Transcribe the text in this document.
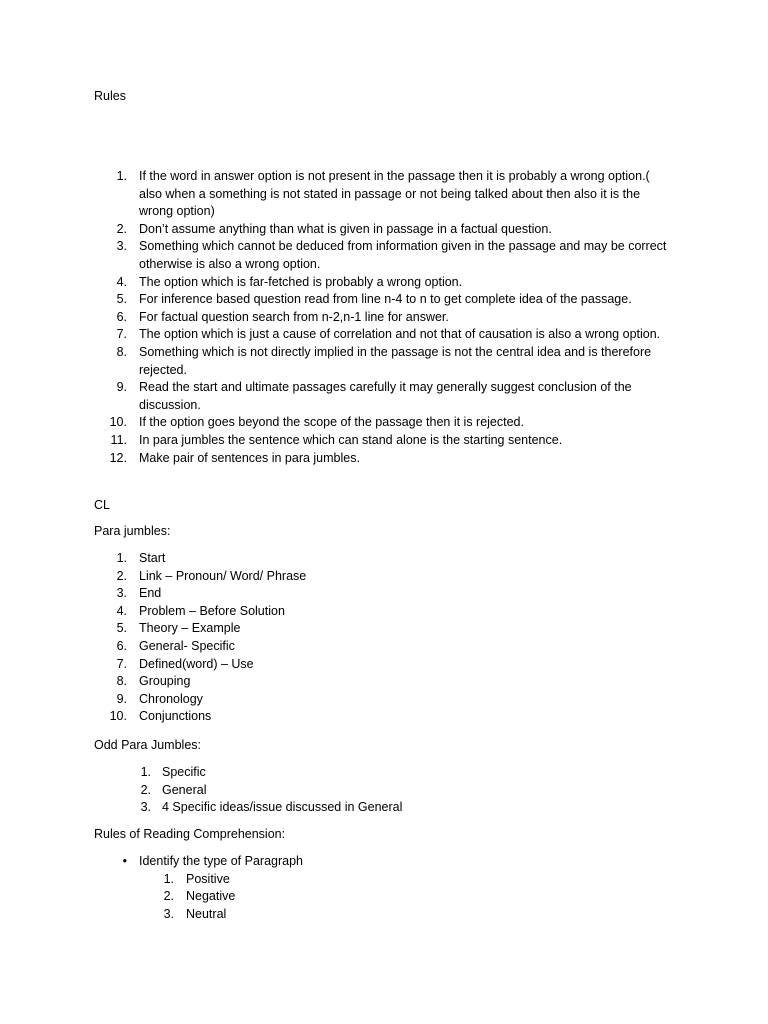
Rules
1. If the word in answer option is not present in the passage then it is probably a wrong option.( also when a something is not stated in passage or not being talked about then also it is the wrong option)
2. Don’t assume anything than what is given in passage in a factual question.
3. Something which cannot be deduced from information given in the passage and may be correct otherwise is also a wrong option.
4. The option which is far-fetched is probably a wrong option.
5. For inference based question read from line n-4 to n to get complete idea of the passage.
6. For factual question search from n-2,n-1 line for answer.
7. The option which is just a cause of correlation and not that of causation is also a wrong option.
8. Something which is not directly implied in the passage is not the central idea and is therefore rejected.
9. Read the start and ultimate passages carefully it may generally suggest conclusion of the discussion.
10. If the option goes beyond the scope of the passage then it is rejected.
11. In para jumbles the sentence which can stand alone is the starting sentence.
12. Make pair of sentences in para jumbles.
CL
Para jumbles:
1. Start
2. Link – Pronoun/ Word/ Phrase
3. End
4. Problem – Before Solution
5. Theory – Example
6. General- Specific
7. Defined(word) – Use
8. Grouping
9. Chronology
10. Conjunctions
Odd Para Jumbles:
1. Specific
2. General
3. 4 Specific ideas/issue discussed in General
Rules of Reading Comprehension:
• Identify the type of Paragraph
1. Positive
2. Negative
3. Neutral
